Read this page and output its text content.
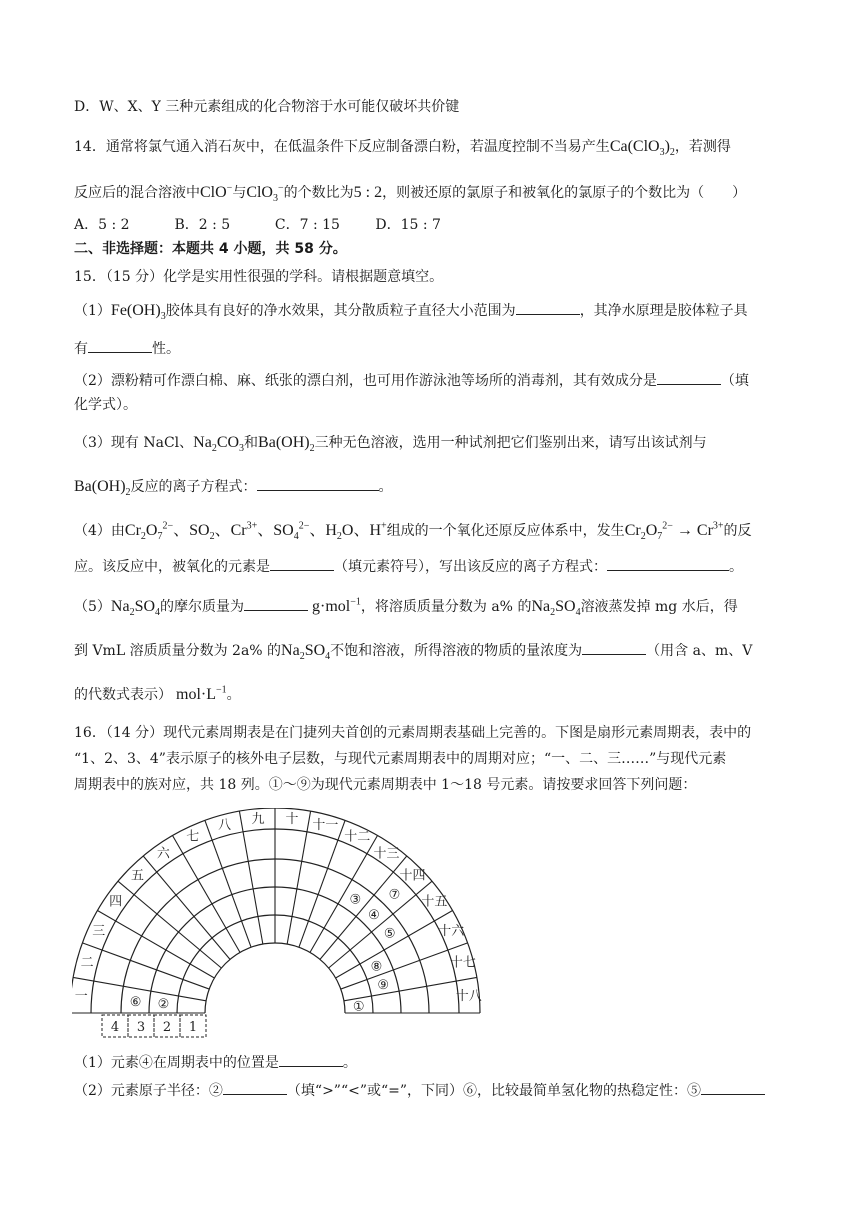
D．W、X、Y 三种元素组成的化合物溶于水可能仅破坏共价键
14．通常将氯气通入消石灰中，在低温条件下反应制备漂白粉，若温度控制不当易产生$Ca(ClO_3)_2$，若测得
反应后的混合溶液中ClO−与ClO$_3$−的个数比为5 : 2，则被还原的氯原子和被氧化的氯原子的个数比为（　　）
A．5 : 2	B．2 : 5	C．7 : 15	D．15 : 7
二、非选择题：本题共 4 小题，共 58 分。
15．（15 分）化学是实用性很强的学科。请根据题意填空。
$(1)Fe(OH)_3$胶体具有良好的净水效果，其分散质粒子直径大小范围为	，其净水原理是胶体粒子具
有	性。
（2）漂粉精可作漂白棉、麻、纸张的漂白剂，也可用作游泳池等场所的消毒剂，其有效成分是	（填
化学式）。
（3）现有 NaCl、$Na_2CO_3$和$Ba(OH)_2$三种无色溶液，选用一种试剂把它们鉴别出来，请写出该试剂与
$Ba(OH)_2$反应的离子方程式：	。
（4）由$Cr_2O_7^{2-}$、$SO_2$、$Cr^{3+}$、$SO_4^{2-}$、$H_2O$、H+组成的一个氧化还原反应体系中，发生$Cr_2O_7^{2-} \to Cr^{3+}$的反
应。该反应中，被氧化的元素是	（填元素符号），写出该反应的离子方程式：	。
$(5)Na_2SO_4$的摩尔质量为	g·mol$^{-1}$，将溶质质量分数为 a% 的$Na_2SO_4$溶液蒸发掉 mg 水后，得
到 VmL 溶质质量分数为 2a% 的$Na_2SO_4$不饱和溶液，所得溶液的物质的量浓度为	（用含 a、m、V
的代数式表示） $mol\cdot L^{-1}$。
16．（14 分）现代元素周期表是在门捷列夫首创的元素周期表基础上完善的。下图是扇形元素周期表，表中的
“1、2、3、4”表示原子的核外电子层数，与现代元素周期表中的周期对应；“一、二、三……”与现代元素
周期表中的族对应，共 18 列。①～⑨为现代元素周期表中 1～18 号元素。请按要求回答下列问题：
一
二
三
四
五
六
七
八 九 十 十一
十二
十三
十四
十五
十六
十七
十八
4 3 2 1
①
②
③
④
⑤
⑥
⑦
⑧
⑨
（1）元素④在周期表中的位置是	。
（2）元素原子半径：②	（填“>”“<”或“=”，下同）⑥，比较最简单氢化物的热稳定性：⑤
